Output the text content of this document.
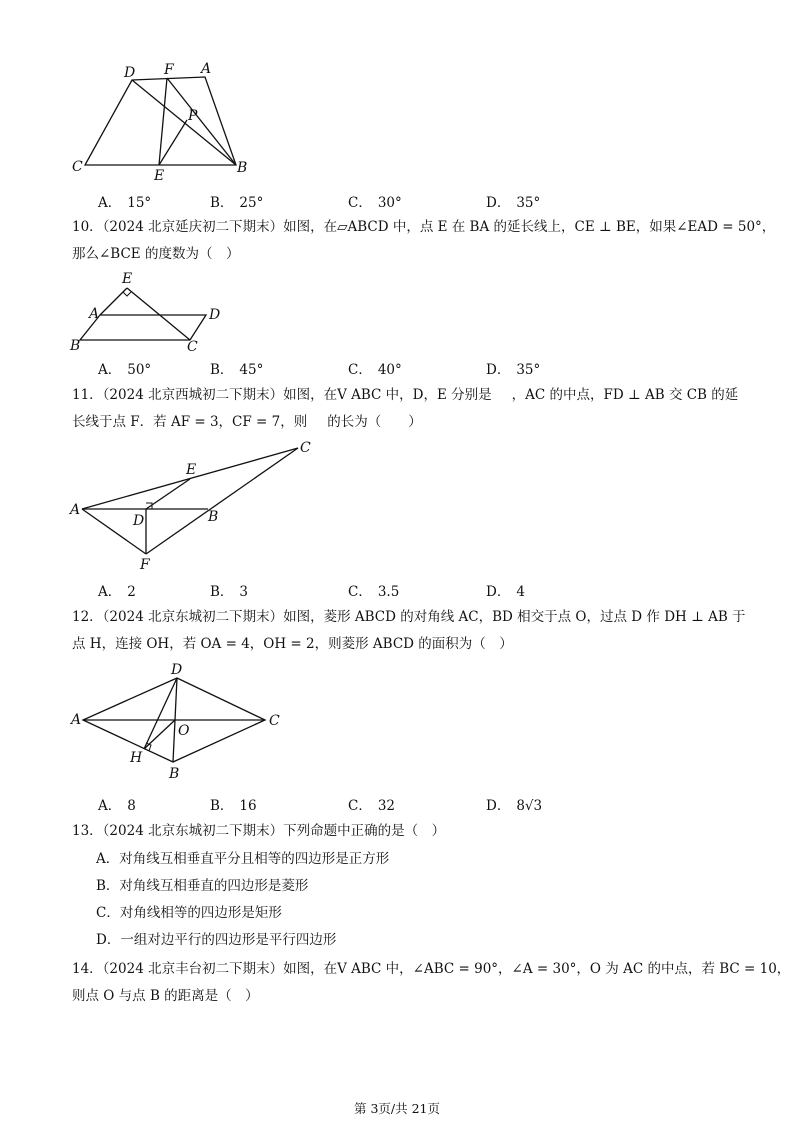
D F A
P
C
E	B
A． 15°	B． 25°	C． 30°	D． 35°
10．（2024 北京延庆初二下期末）如图，在▱ABCD 中，点 E 在 BA 的延长线上，CE ⊥ BE，如果∠EAD = 50°，
那么∠BCE 的度数为（　）
E
A	D
B	C
A． 50°	B． 45°	C． 40°	D． 35°
11．（2024 北京西城初二下期末）如图，在V ABC 中，D，E 分别是 ，AC 的中点，FD ⊥ AB 交 CB 的延
长线于点 F．若 AF = 3，CF = 7，则 的长为（　　）
C
E
A
D	B
F
A． 2	B． 3	C． 3.5	D． 4
12．（2024 北京东城初二下期末）如图，菱形 ABCD 的对角线 AC，BD 相交于点 O，过点 D 作 DH ⊥ AB 于
点 H，连接 OH，若 OA = 4，OH = 2，则菱形 ABCD 的面积为（　）
D
A
O
C
H
B
A． 8	B． 16	C． 32	D． 8√3
13．（2024 北京东城初二下期末）下列命题中正确的是（　）
A．对角线互相垂直平分且相等的四边形是正方形
B．对角线互相垂直的四边形是菱形
C．对角线相等的四边形是矩形
D．一组对边平行的四边形是平行四边形
14．（2024 北京丰台初二下期末）如图，在V ABC 中，∠ABC = 90°，∠A = 30°，O 为 AC 的中点，若 BC = 10，
则点 O 与点 B 的距离是（　）
第 3页/共 21页
